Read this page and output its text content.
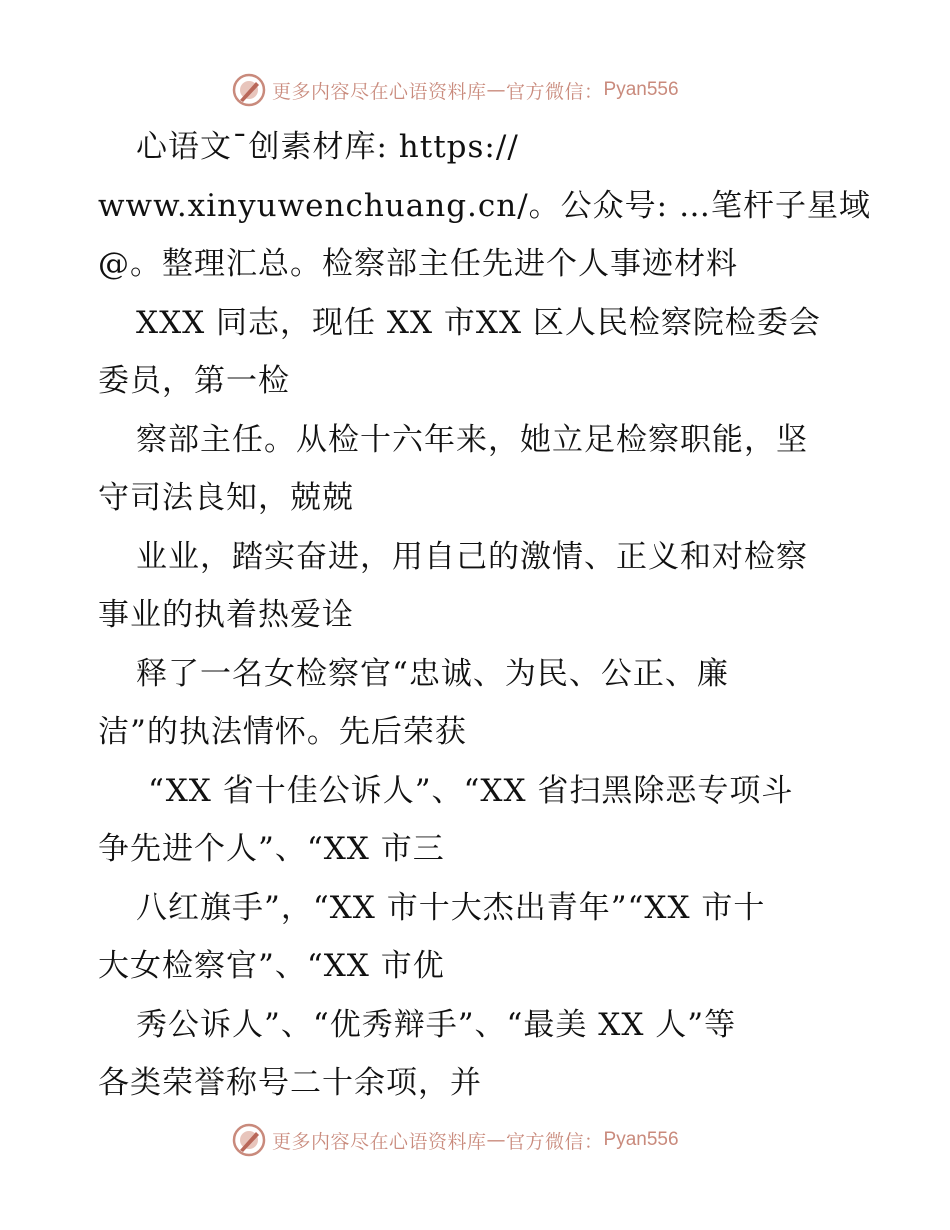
更多内容尽在心语资料库 — 官方微信： Pyan556
心语文¯创素材库: https://
www.xinyuwenchuang.cn/。公众号: …笔杆子星域
@。整理汇总。检察部主任先进个人事迹材料
XXX 同志，现任 XX 市XX 区人民检察院检委会
委员，第一检
察部主任。从检十六年来，她立足检察职能，坚
守司法良知，兢兢
业业，踏实奋进，用自己的激情、正义和对检察
事业的执着热爱诠
释了一名女检察官“忠诚、为民、公正、廉
洁”的执法情怀。先后荣获
“XX 省十佳公诉人”、“XX 省扫黑除恶专项斗
争先进个人”、“XX 市三
八红旗手”，“XX 市十大杰出青年”“XX 市十
大女检察官”、“XX 市优
秀公诉人”、“优秀辩手”、“最美 XX 人”等
各类荣誉称号二十余项，并
更多内容尽在心语资料库 — 官方微信： Pyan556
